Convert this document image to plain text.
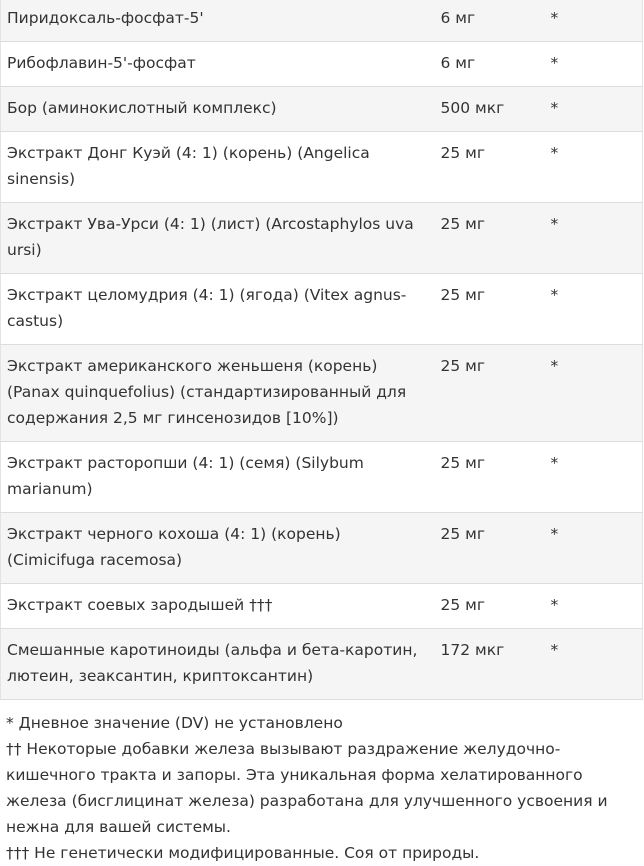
Пиридоксаль-фосфат-5'	6 мг	*
Рибофлавин-5'-фосфат	6 мг	*
Бор (аминокислотный комплекс)	500 мкг	*
Экстракт Донг Куэй (4: 1) (корень) (Angelica sinensis)	25 мг	*
Экстракт Ува-Урси (4: 1) (лист) (Arcostaphylos uva ursi)	25 мг	*
Экстракт целомудрия (4: 1) (ягода) (Vitex agnus-castus)	25 мг	*
Экстракт американского женьшеня (корень) (Panax quinquefolius) (стандартизированный для содержания 2,5 мг гинсенозидов [10%])	25 мг	*
Экстракт расторопши (4: 1) (семя) (Silybum marianum)	25 мг	*
Экстракт черного кохоша (4: 1) (корень) (Cimicifuga racemosa)	25 мг	*
Экстракт соевых зародышей †††	25 мг	*
Смешанные каротиноиды (альфа и бета-каротин, лютеин, зеаксантин, криптоксантин)	172 мкг	*

* Дневное значение (DV) не установлено

†† Некоторые добавки железа вызывают раздражение желудочно-кишечного тракта и запоры. Эта уникальная форма хелатированного железа (бисглицинат железа) разработана для улучшенного усвоения и нежна для вашей системы.

††† Не генетически модифицированные. Соя от природы.
